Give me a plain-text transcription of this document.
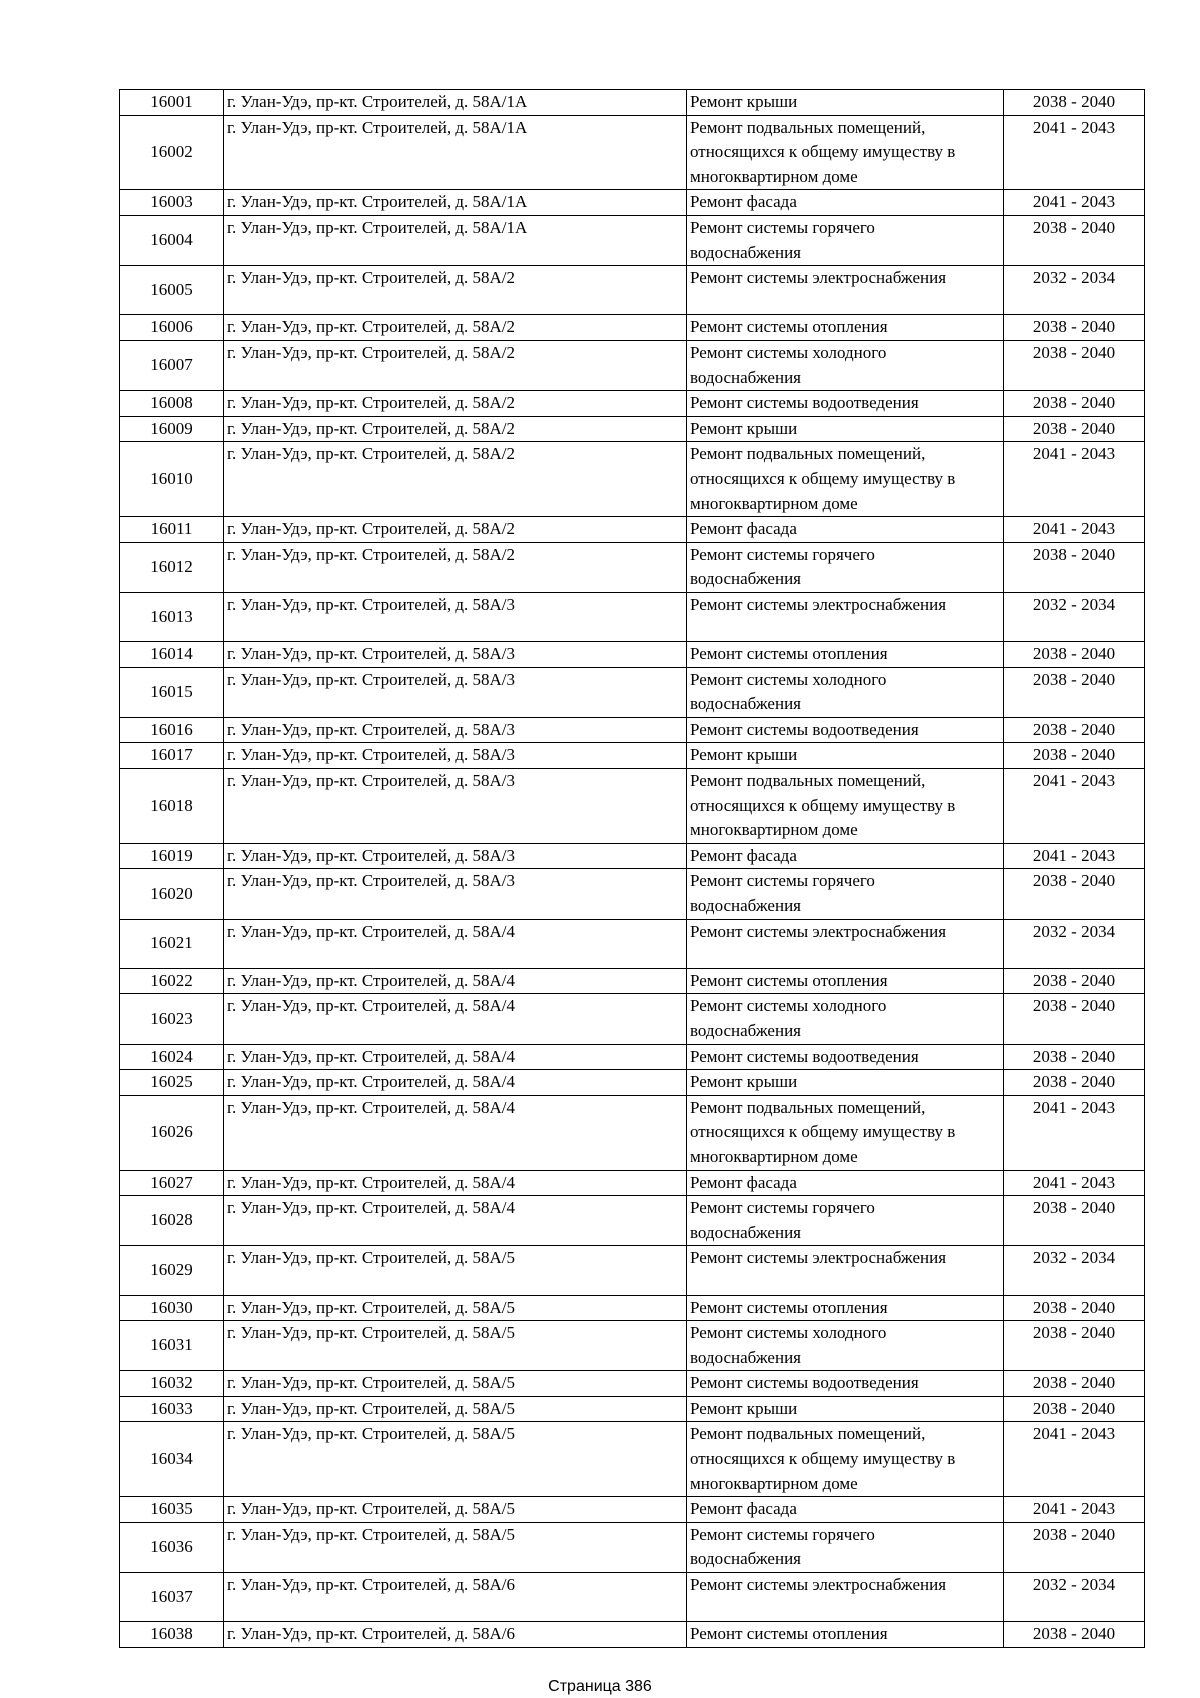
16001	г. Улан-Удэ, пр-кт. Строителей, д. 58А/1А	Ремонт крыши	2038 - 2040
16002	г. Улан-Удэ, пр-кт. Строителей, д. 58А/1А	Ремонт подвальных помещений,
относящихся к общему имуществу в
многоквартирном доме	2041 - 2043
16003	г. Улан-Удэ, пр-кт. Строителей, д. 58А/1А	Ремонт фасада	2041 - 2043
16004	г. Улан-Удэ, пр-кт. Строителей, д. 58А/1А	Ремонт системы горячего
водоснабжения	2038 - 2040
16005	г. Улан-Удэ, пр-кт. Строителей, д. 58А/2	Ремонт системы электроснабжения	2032 - 2034
16006	г. Улан-Удэ, пр-кт. Строителей, д. 58А/2	Ремонт системы отопления	2038 - 2040
16007	г. Улан-Удэ, пр-кт. Строителей, д. 58А/2	Ремонт системы холодного
водоснабжения	2038 - 2040
16008	г. Улан-Удэ, пр-кт. Строителей, д. 58А/2	Ремонт системы водоотведения	2038 - 2040
16009	г. Улан-Удэ, пр-кт. Строителей, д. 58А/2	Ремонт крыши	2038 - 2040
16010	г. Улан-Удэ, пр-кт. Строителей, д. 58А/2	Ремонт подвальных помещений,
относящихся к общему имуществу в
многоквартирном доме	2041 - 2043
16011	г. Улан-Удэ, пр-кт. Строителей, д. 58А/2	Ремонт фасада	2041 - 2043
16012	г. Улан-Удэ, пр-кт. Строителей, д. 58А/2	Ремонт системы горячего
водоснабжения	2038 - 2040
16013	г. Улан-Удэ, пр-кт. Строителей, д. 58А/3	Ремонт системы электроснабжения	2032 - 2034
16014	г. Улан-Удэ, пр-кт. Строителей, д. 58А/3	Ремонт системы отопления	2038 - 2040
16015	г. Улан-Удэ, пр-кт. Строителей, д. 58А/3	Ремонт системы холодного
водоснабжения	2038 - 2040
16016	г. Улан-Удэ, пр-кт. Строителей, д. 58А/3	Ремонт системы водоотведения	2038 - 2040
16017	г. Улан-Удэ, пр-кт. Строителей, д. 58А/3	Ремонт крыши	2038 - 2040
16018	г. Улан-Удэ, пр-кт. Строителей, д. 58А/3	Ремонт подвальных помещений,
относящихся к общему имуществу в
многоквартирном доме	2041 - 2043
16019	г. Улан-Удэ, пр-кт. Строителей, д. 58А/3	Ремонт фасада	2041 - 2043
16020	г. Улан-Удэ, пр-кт. Строителей, д. 58А/3	Ремонт системы горячего
водоснабжения	2038 - 2040
16021	г. Улан-Удэ, пр-кт. Строителей, д. 58А/4	Ремонт системы электроснабжения	2032 - 2034
16022	г. Улан-Удэ, пр-кт. Строителей, д. 58А/4	Ремонт системы отопления	2038 - 2040
16023	г. Улан-Удэ, пр-кт. Строителей, д. 58А/4	Ремонт системы холодного
водоснабжения	2038 - 2040
16024	г. Улан-Удэ, пр-кт. Строителей, д. 58А/4	Ремонт системы водоотведения	2038 - 2040
16025	г. Улан-Удэ, пр-кт. Строителей, д. 58А/4	Ремонт крыши	2038 - 2040
16026	г. Улан-Удэ, пр-кт. Строителей, д. 58А/4	Ремонт подвальных помещений,
относящихся к общему имуществу в
многоквартирном доме	2041 - 2043
16027	г. Улан-Удэ, пр-кт. Строителей, д. 58А/4	Ремонт фасада	2041 - 2043
16028	г. Улан-Удэ, пр-кт. Строителей, д. 58А/4	Ремонт системы горячего
водоснабжения	2038 - 2040
16029	г. Улан-Удэ, пр-кт. Строителей, д. 58А/5	Ремонт системы электроснабжения	2032 - 2034
16030	г. Улан-Удэ, пр-кт. Строителей, д. 58А/5	Ремонт системы отопления	2038 - 2040
16031	г. Улан-Удэ, пр-кт. Строителей, д. 58А/5	Ремонт системы холодного
водоснабжения	2038 - 2040
16032	г. Улан-Удэ, пр-кт. Строителей, д. 58А/5	Ремонт системы водоотведения	2038 - 2040
16033	г. Улан-Удэ, пр-кт. Строителей, д. 58А/5	Ремонт крыши	2038 - 2040
16034	г. Улан-Удэ, пр-кт. Строителей, д. 58А/5	Ремонт подвальных помещений,
относящихся к общему имуществу в
многоквартирном доме	2041 - 2043
16035	г. Улан-Удэ, пр-кт. Строителей, д. 58А/5	Ремонт фасада	2041 - 2043
16036	г. Улан-Удэ, пр-кт. Строителей, д. 58А/5	Ремонт системы горячего
водоснабжения	2038 - 2040
16037	г. Улан-Удэ, пр-кт. Строителей, д. 58А/6	Ремонт системы электроснабжения	2032 - 2034
16038	г. Улан-Удэ, пр-кт. Строителей, д. 58А/6	Ремонт системы отопления	2038 - 2040
Страница 386
